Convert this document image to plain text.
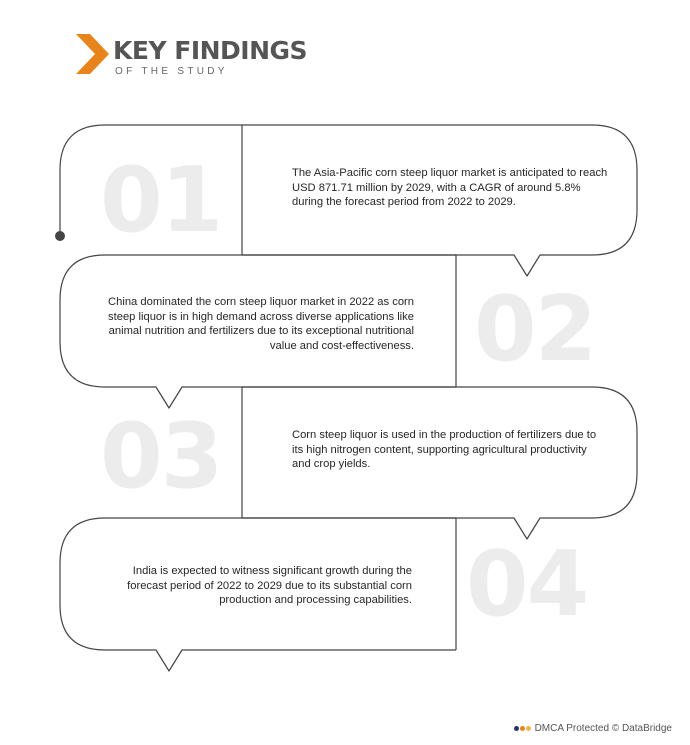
KEY FINDINGS
OF THE STUDY
01
02
03
04
The Asia-Pacific corn steep liquor market is anticipated to reach USD 871.71 million by 2029, with a CAGR of around 5.8% during the forecast period from 2022 to 2029.
China dominated the corn steep liquor market in 2022 as corn steep liquor is in high demand across diverse applications like animal nutrition and fertilizers due to its exceptional nutritional value and cost-effectiveness.
Corn steep liquor is used in the production of fertilizers due to its high nitrogen content, supporting agricultural productivity and crop yields.
India is expected to witness significant growth during the forecast period of 2022 to 2029 due to its substantial corn production and processing capabilities.
DMCA Protected © DataBridge
